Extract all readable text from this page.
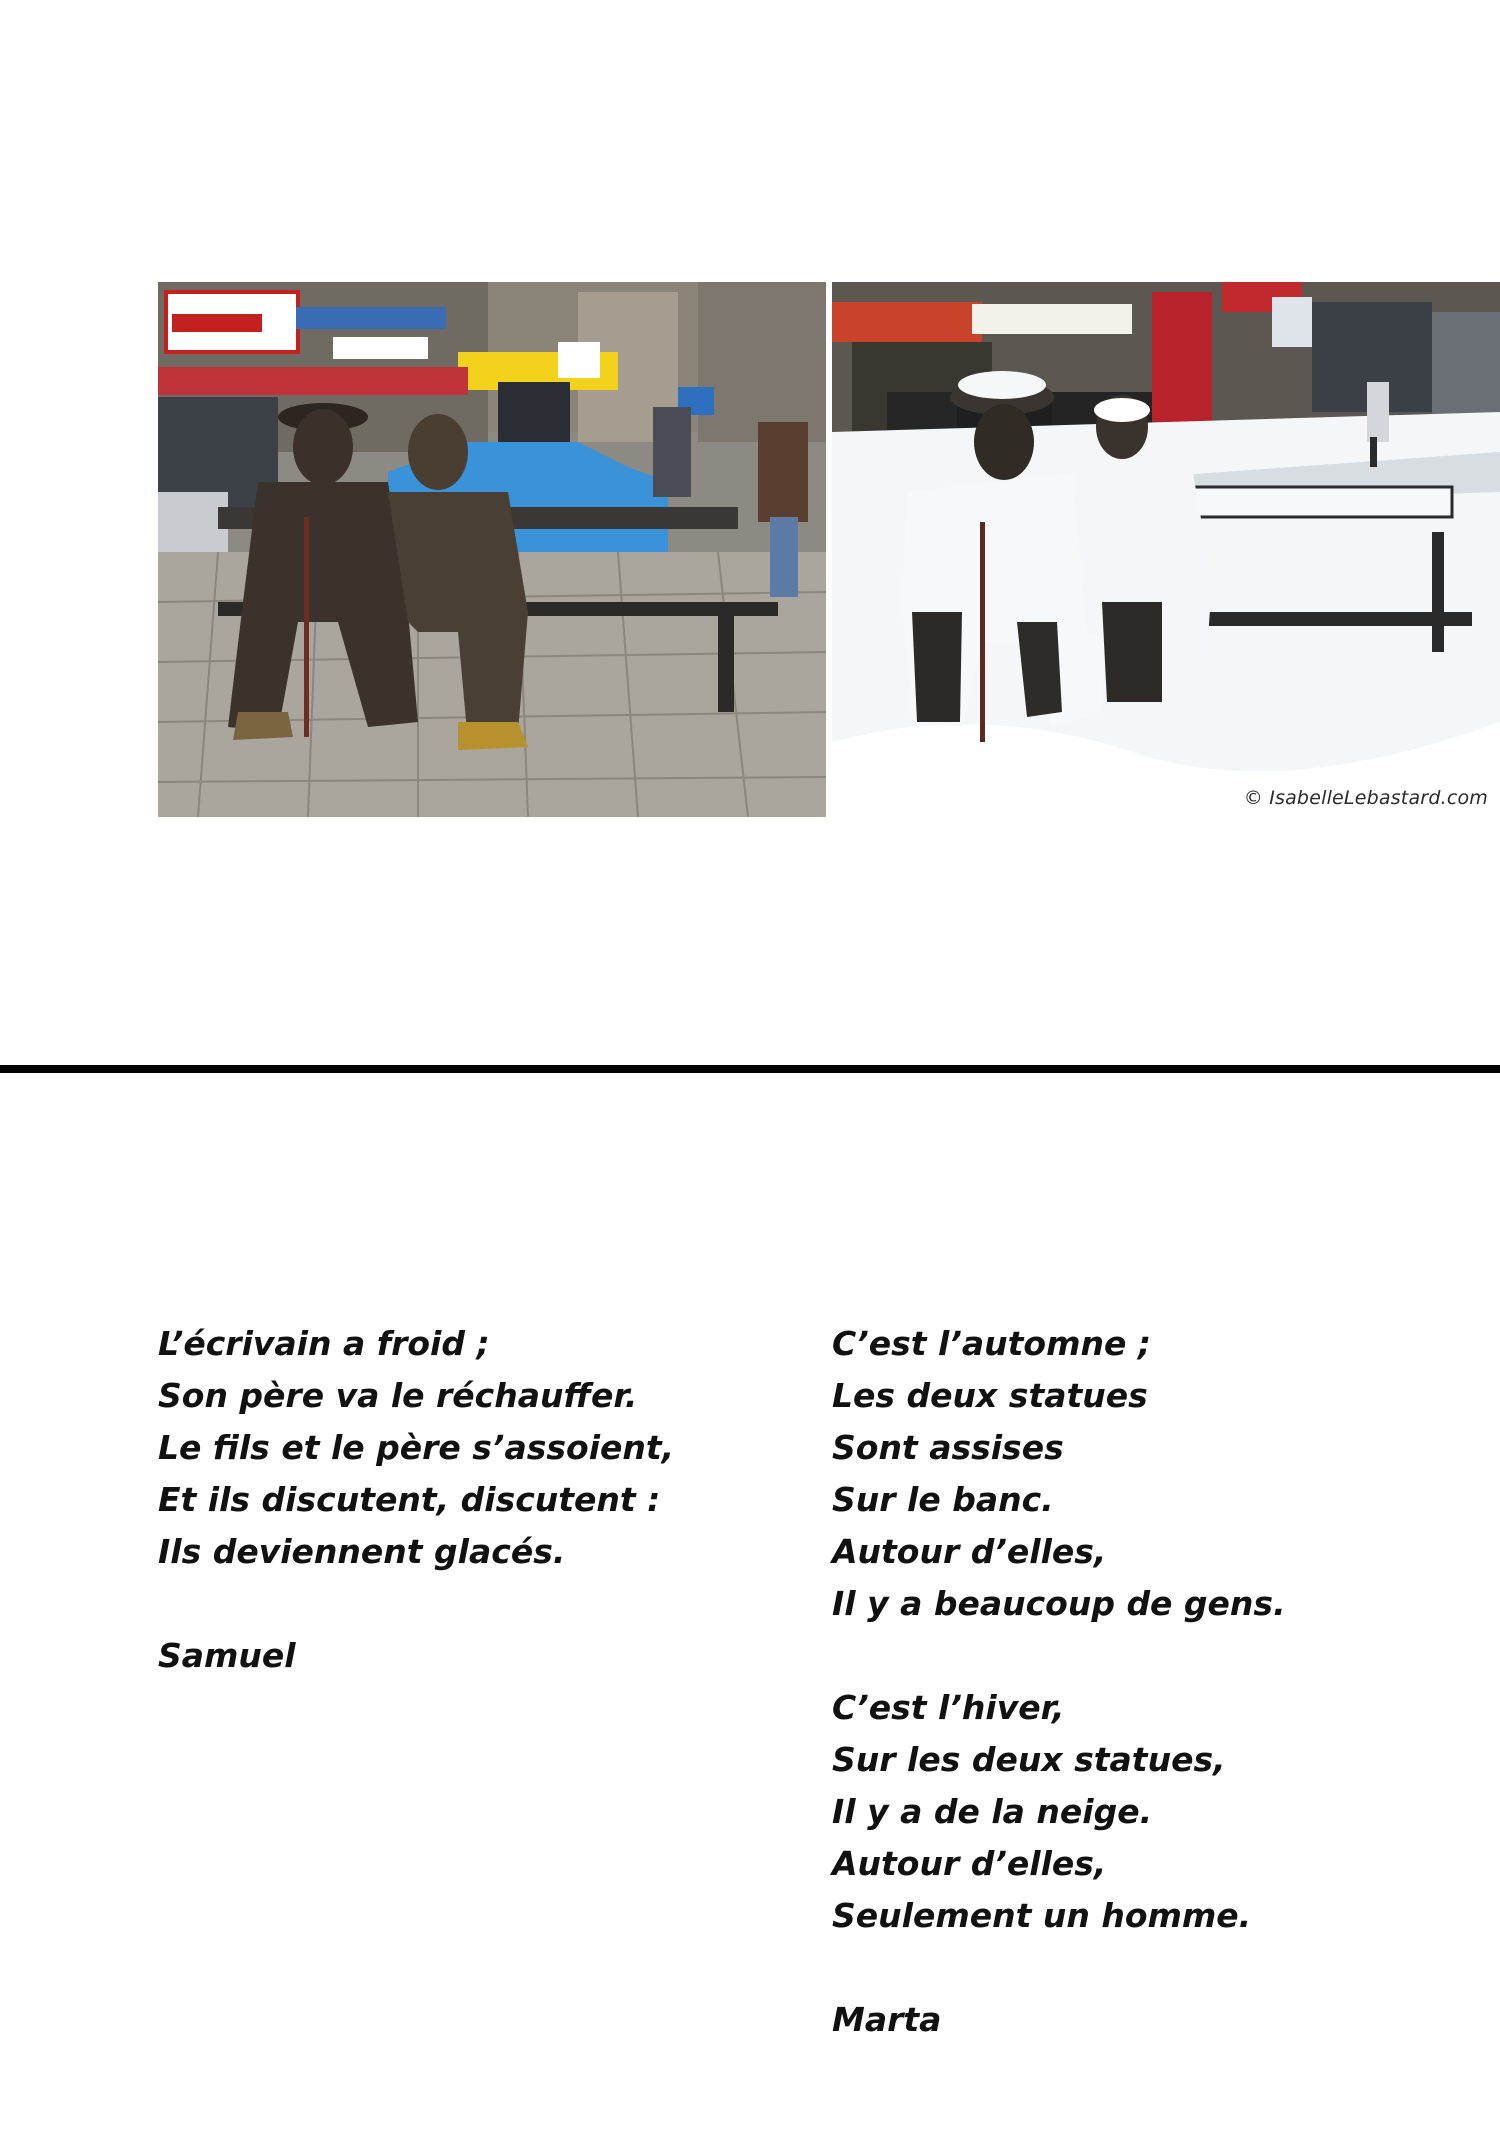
© IsabelleLebastard.com
L’écrivain a froid ;
Son père va le réchauffer.
Le fils et le père s’assoient,
Et ils discutent, discutent :
Ils deviennent glacés.
Samuel
C’est l’automne ;
Les deux statues
Sont assises
Sur le banc.
Autour d’elles,
Il y a beaucoup de gens.
C’est l’hiver,
Sur les deux statues,
Il y a de la neige.
Autour d’elles,
Seulement un homme.
Marta
